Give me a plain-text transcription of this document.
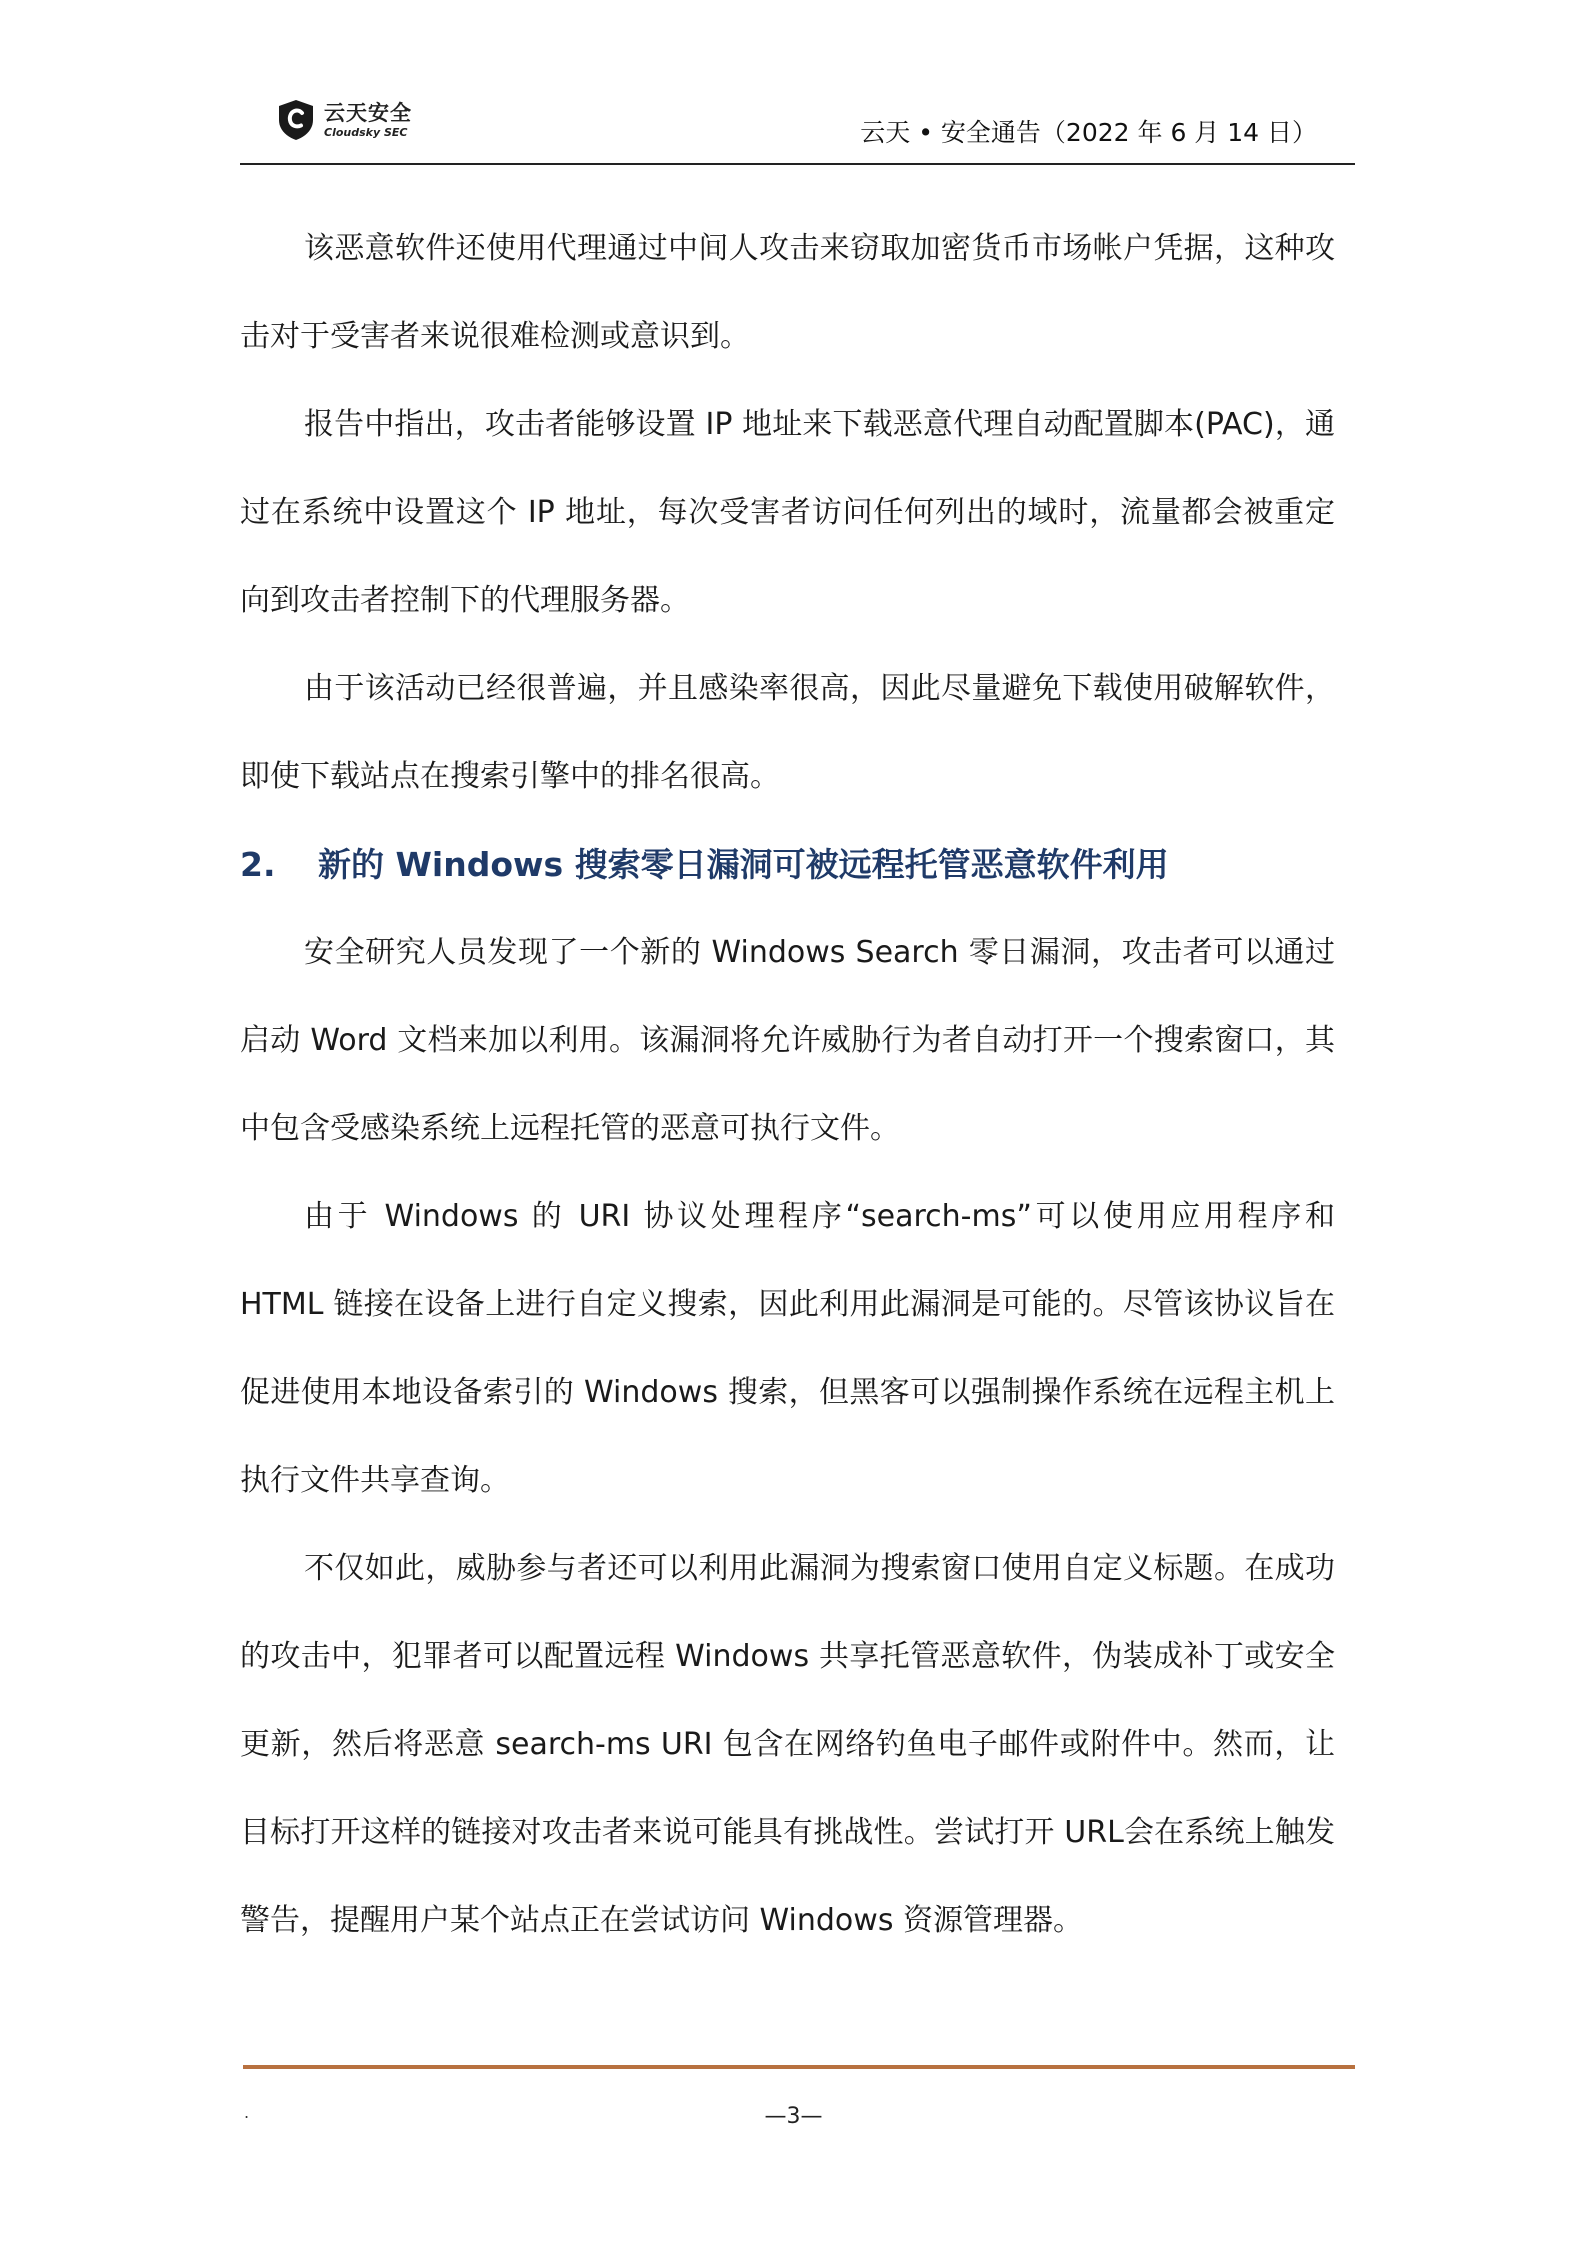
云天安全
Cloudsky SEC	云天 • 安全通告（2022 年 6 月 14 日）

该恶意软件还使用代理通过中间人攻击来窃取加密货币市场帐户凭据，这种攻击对于受害者来说很难检测或意识到。

报告中指出，攻击者能够设置 IP 地址来下载恶意代理自动配置脚本(PAC)，通过在系统中设置这个 IP 地址，每次受害者访问任何列出的域时，流量都会被重定向到攻击者控制下的代理服务器。

由于该活动已经很普遍，并且感染率很高，因此尽量避免下载使用破解软件，即使下载站点在搜索引擎中的排名很高。

2. 新的 Windows 搜索零日漏洞可被远程托管恶意软件利用

安全研究人员发现了一个新的 Windows Search 零日漏洞，攻击者可以通过启动 Word 文档来加以利用。该漏洞将允许威胁行为者自动打开一个搜索窗口，其中包含受感染系统上远程托管的恶意可执行文件。

由于 Windows 的 URI 协议处理程序“search-ms”可以使用应用程序和 HTML 链接在设备上进行自定义搜索，因此利用此漏洞是可能的。尽管该协议旨在促进使用本地设备索引的 Windows 搜索，但黑客可以强制操作系统在远程主机上执行文件共享查询。

不仅如此，威胁参与者还可以利用此漏洞为搜索窗口使用自定义标题。在成功的攻击中，犯罪者可以配置远程 Windows 共享托管恶意软件，伪装成补丁或安全更新，然后将恶意 search-ms URI 包含在网络钓鱼电子邮件或附件中。然而，让目标打开这样的链接对攻击者来说可能具有挑战性。尝试打开 URL会在系统上触发警告，提醒用户某个站点正在尝试访问 Windows 资源管理器。

.	—3—
